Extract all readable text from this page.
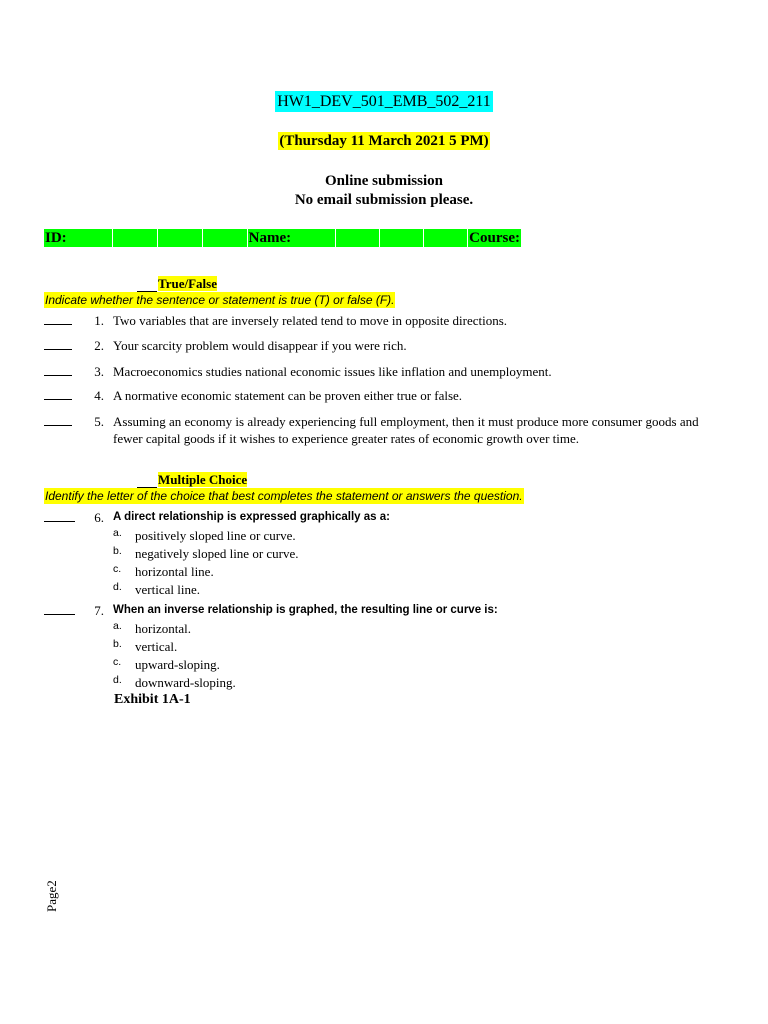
HW1_DEV_501_EMB_502_211
(Thursday 11 March 2021 5 PM)
Online submission
No email submission please.
ID:	Name:	Course:
True/False
Indicate whether the sentence or statement is true (T) or false (F).
1. Two variables that are inversely related tend to move in opposite directions.
2. Your scarcity problem would disappear if you were rich.
3. Macroeconomics studies national economic issues like inflation and unemployment.
4. A normative economic statement can be proven either true or false.
5. Assuming an economy is already experiencing full employment, then it must produce more consumer goods and fewer capital goods if it wishes to experience greater rates of economic growth over time.
Multiple Choice
Identify the letter of the choice that best completes the statement or answers the question.
6. A direct relationship is expressed graphically as a:
a. positively sloped line or curve.
b. negatively sloped line or curve.
c. horizontal line.
d. vertical line.
7. When an inverse relationship is graphed, the resulting line or curve is:
a. horizontal.
b. vertical.
c. upward-sloping.
d. downward-sloping.
Exhibit 1A-1
Page2
